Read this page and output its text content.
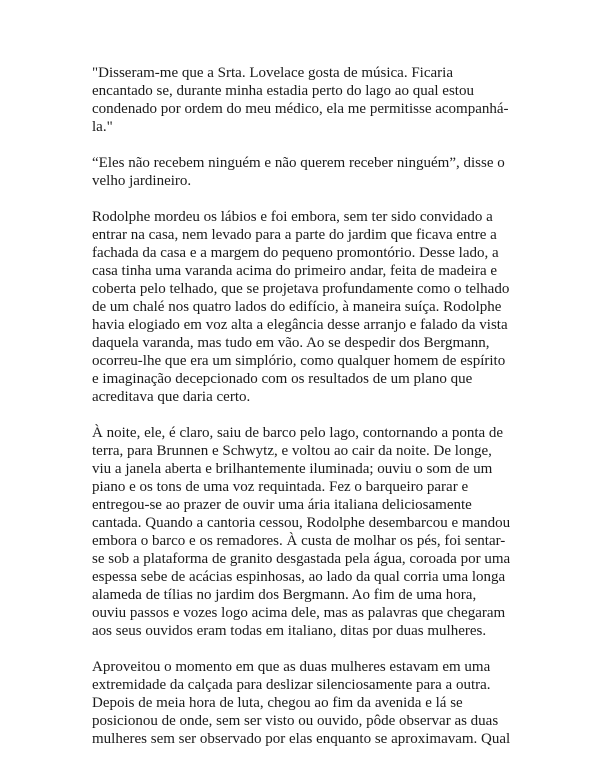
"Disseram-me que a Srta. Lovelace gosta de música. Ficaria encantado se, durante minha estadia perto do lago ao qual estou condenado por ordem do meu médico, ela me permitisse acompanhá-la."

“Eles não recebem ninguém e não querem receber ninguém”, disse o velho jardineiro.

Rodolphe mordeu os lábios e foi embora, sem ter sido convidado a entrar na casa, nem levado para a parte do jardim que ficava entre a fachada da casa e a margem do pequeno promontório. Desse lado, a casa tinha uma varanda acima do primeiro andar, feita de madeira e coberta pelo telhado, que se projetava profundamente como o telhado de um chalé nos quatro lados do edifício, à maneira suíça. Rodolphe havia elogiado em voz alta a elegância desse arranjo e falado da vista daquela varanda, mas tudo em vão. Ao se despedir dos Bergmann, ocorreu-lhe que era um simplório, como qualquer homem de espírito e imaginação decepcionado com os resultados de um plano que acreditava que daria certo.

À noite, ele, é claro, saiu de barco pelo lago, contornando a ponta de terra, para Brunnen e Schwytz, e voltou ao cair da noite. De longe, viu a janela aberta e brilhantemente iluminada; ouviu o som de um piano e os tons de uma voz requintada. Fez o barqueiro parar e entregou-se ao prazer de ouvir uma ária italiana deliciosamente cantada. Quando a cantoria cessou, Rodolphe desembarcou e mandou embora o barco e os remadores. À custa de molhar os pés, foi sentar-se sob a plataforma de granito desgastada pela água, coroada por uma espessa sebe de acácias espinhosas, ao lado da qual corria uma longa alameda de tílias no jardim dos Bergmann. Ao fim de uma hora, ouviu passos e vozes logo acima dele, mas as palavras que chegaram aos seus ouvidos eram todas em italiano, ditas por duas mulheres.

Aproveitou o momento em que as duas mulheres estavam em uma extremidade da calçada para deslizar silenciosamente para a outra. Depois de meia hora de luta, chegou ao fim da avenida e lá se posicionou de onde, sem ser visto ou ouvido, pôde observar as duas mulheres sem ser observado por elas enquanto se aproximavam. Qual
